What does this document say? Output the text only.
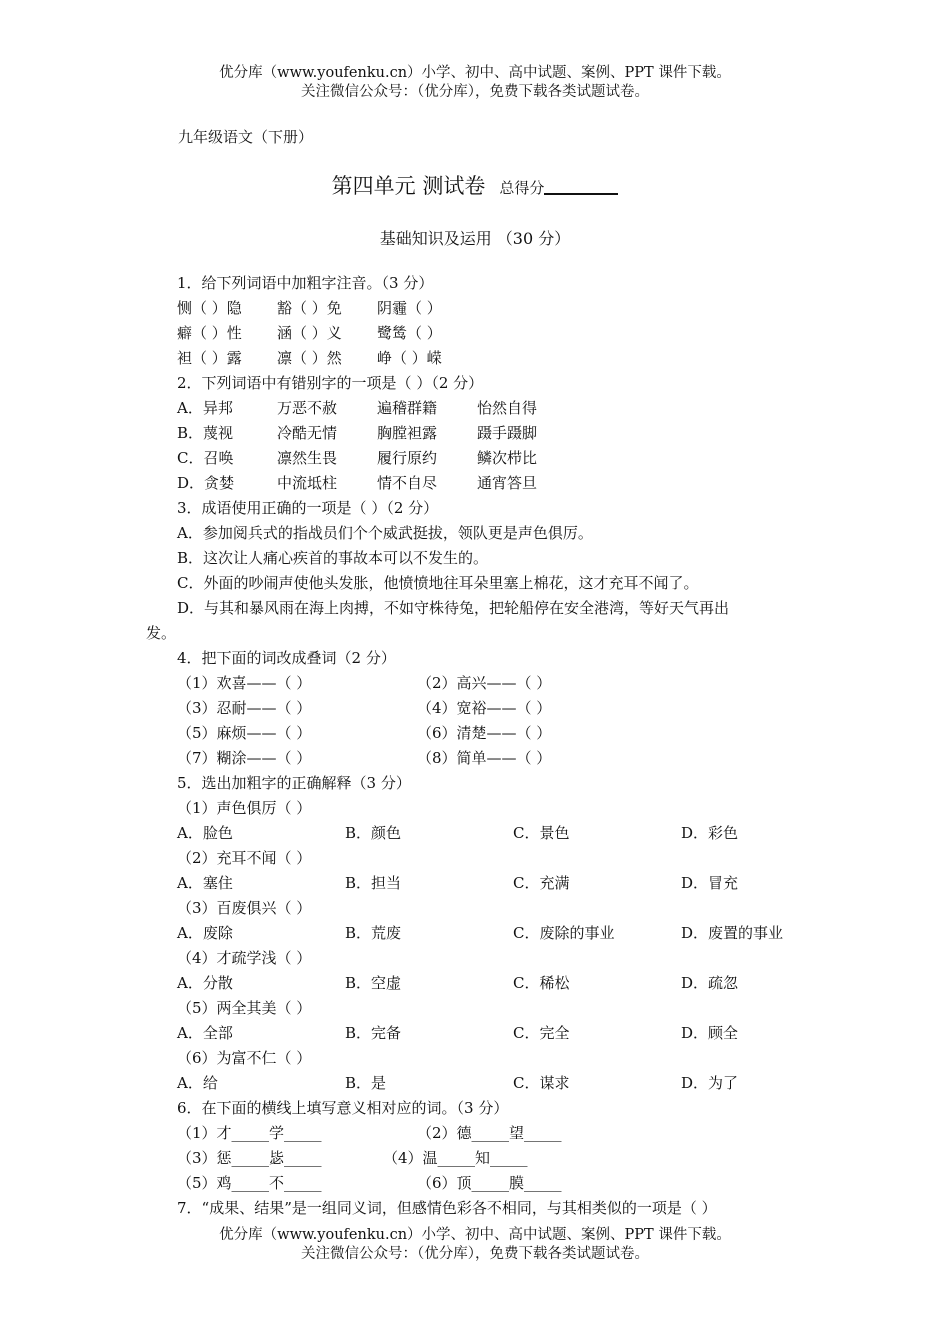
优分库（www.youfenku.cn）小学、初中、高中试题、案例、PPT 课件下载。
关注微信公众号：（优分库），免费下载各类试题试卷。
九年级语文（下册）
第四单元 测试卷 总得分
基础知识及运用 （30 分）
1．给下列词语中加粗字注音。（3 分）
恻（ ）隐 豁（ ）免 阴霾（ ）
癖（ ）性 涵（ ）义 鹭鸶（ ）
袒（ ）露 凛（ ）然 峥（ ）嵘
2．下列词语中有错别字的一项是（ ）（2 分）
A．异邦	万恶不赦	遍稽群籍	怡然自得
B．蔑视	冷酷无情	胸膛袒露	蹑手蹑脚
C．召唤	凛然生畏	履行原约	鳞次栉比
D．贪婪	中流坻柱	情不自尽	通宵答旦
3．成语使用正确的一项是（ ）（2 分）
A．参加阅兵式的指战员们个个威武挺拔，领队更是声色俱厉。
B．这次让人痛心疾首的事故本可以不发生的。
C．外面的吵闹声使他头发胀，他愤愤地往耳朵里塞上棉花，这才充耳不闻了。
D．与其和暴风雨在海上肉搏，不如守株待兔，把轮船停在安全港湾，等好天气再出
发。
4．把下面的词改成叠词（2 分）
（1）欢喜——（ ）	（2）高兴——（ ）
（3）忍耐——（ ）	（4）宽裕——（ ）
（5）麻烦——（ ）	（6）清楚——（ ）
（7）糊涂——（ ）	（8）简单——（ ）
5．选出加粗字的正确解释（3 分）
（1）声色俱厉（ ）
A．脸色	B．颜色	C．景色	D．彩色
（2）充耳不闻（ ）
A．塞住	B．担当	C．充满	D．冒充
（3）百废俱兴（ ）
A．废除	B．荒废	C．废除的事业	D．废置的事业
（4）才疏学浅（ ）
A．分散	B．空虚	C．稀松	D．疏忽
（5）两全其美（ ）
A．全部	B．完备	C．完全	D．顾全
（6）为富不仁（ ）
A．给	B．是	C．谋求	D．为了
6．在下面的横线上填写意义相对应的词。（3 分）
（1）才_____学_____	（2）德_____望_____
（3）惩_____毖_____	（4）温_____知_____
（5）鸡_____不_____	（6）顶_____膜_____
7．“成果、结果”是一组同义词，但感情色彩各不相同，与其相类似的一项是（ ）
优分库（www.youfenku.cn）小学、初中、高中试题、案例、PPT 课件下载。
关注微信公众号：（优分库），免费下载各类试题试卷。
